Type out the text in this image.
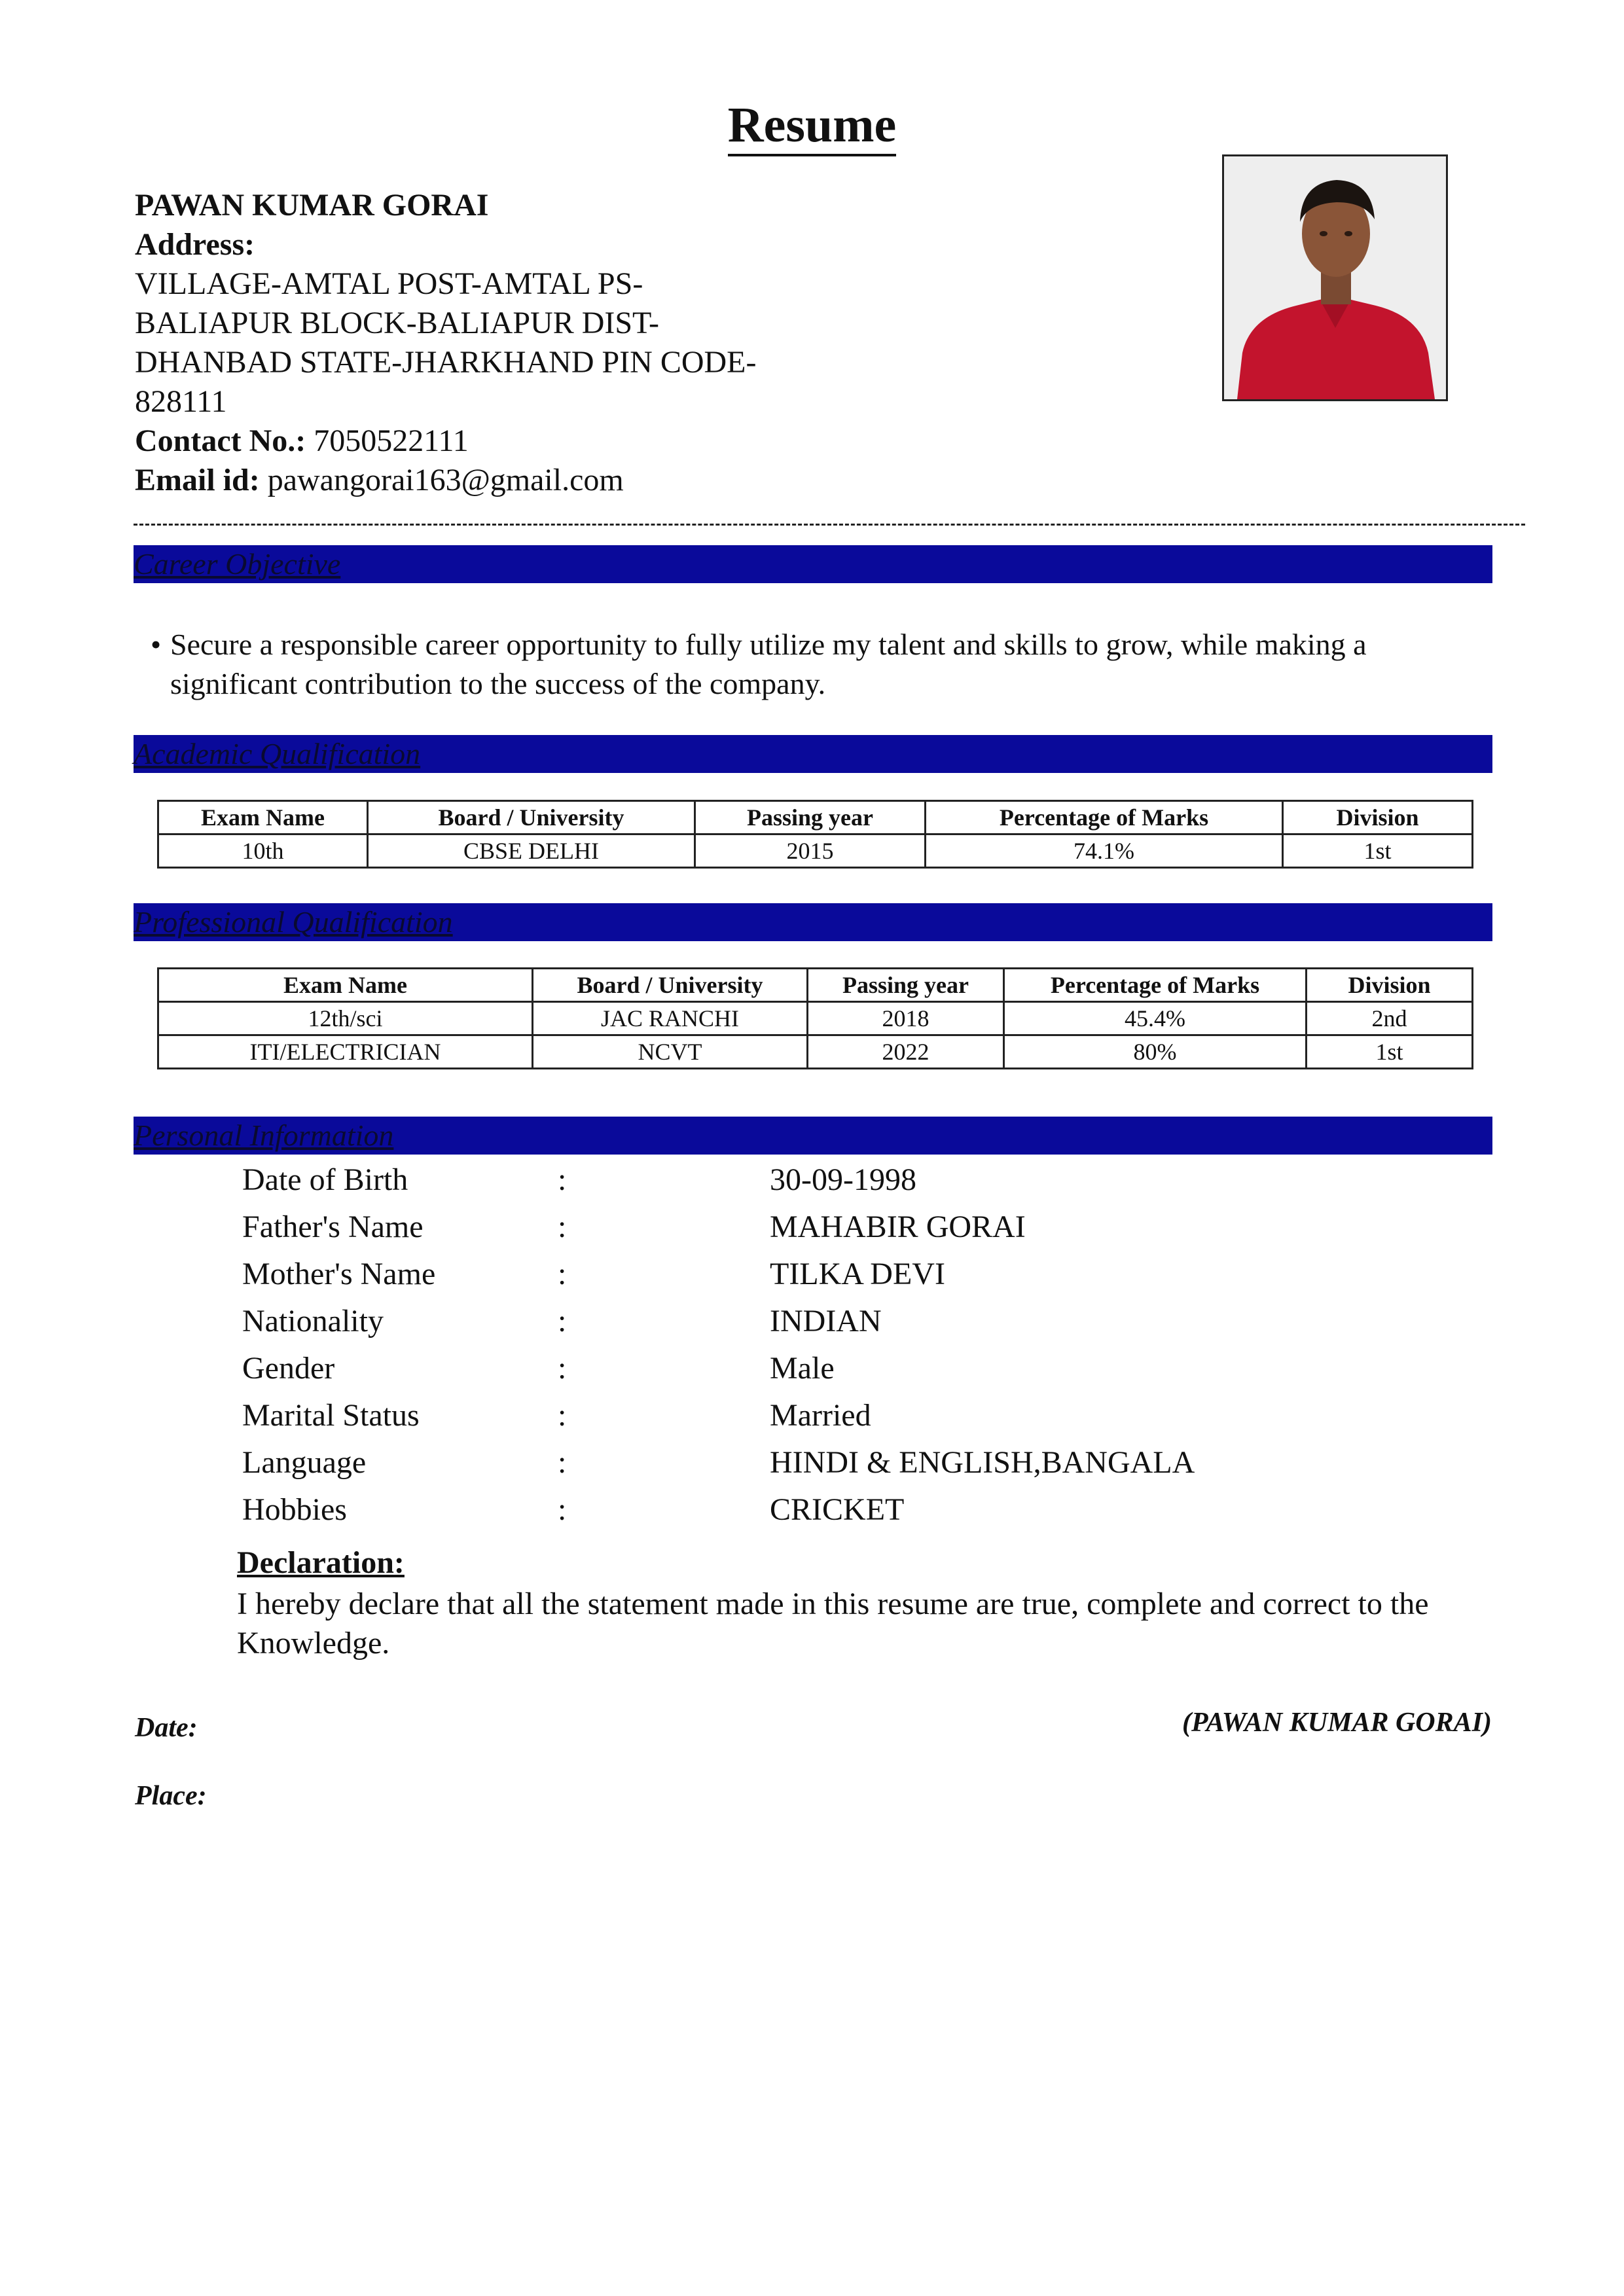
Resume
PAWAN KUMAR GORAI
Address:
VILLAGE-AMTAL POST-AMTAL PS-
BALIAPUR BLOCK-BALIAPUR DIST-
DHANBAD STATE-JHARKHAND PIN CODE-
828111
Contact No.: 7050522111
Email id: pawangorai163@gmail.com
Career Objective
• Secure a responsible career opportunity to fully utilize my talent and skills to grow, while making a significant contribution to the success of the company.
Academic Qualification
Exam Name	Board / University	Passing year	Percentage of Marks	Division
10th	CBSE DELHI	2015	74.1%	1st
Professional Qualification
Exam Name	Board / University	Passing year	Percentage of Marks	Division
12th/sci	JAC RANCHI	2018	45.4%	2nd
ITI/ELECTRICIAN	NCVT	2022	80%	1st
Personal Information
Date of Birth	:	30-09-1998
Father's Name	:	MAHABIR GORAI
Mother's Name	:	TILKA DEVI
Nationality	:	INDIAN
Gender	:	Male
Marital Status	:	Married
Language	:	HINDI & ENGLISH,BANGALA
Hobbies	:	CRICKET
Declaration:
I hereby declare that all the statement made in this resume are true, complete and correct to the Knowledge.
Date:	(PAWAN KUMAR GORAI)
Place:
